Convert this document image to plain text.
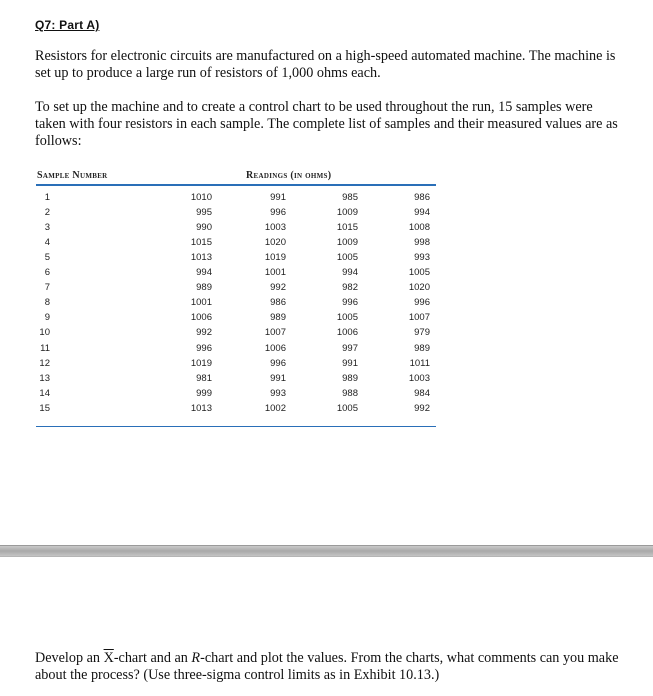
Q7: Part A)
Resistors for electronic circuits are manufactured on a high-speed automated machine. The machine is set up to produce a large run of resistors of 1,000 ohms each.
To set up the machine and to create a control chart to be used throughout the run, 15 samples were taken with four resistors in each sample. The complete list of samples and their measured values are as follows:
Sample Number	Readings (in ohms)
1	1010	991	985	986
2	995	996	1009	994
3	990	1003	1015	1008
4	1015	1020	1009	998
5	1013	1019	1005	993
6	994	1001	994	1005
7	989	992	982	1020
8	1001	986	996	996
9	1006	989	1005	1007
10	992	1007	1006	979
11	996	1006	997	989
12	1019	996	991	1011
13	981	991	989	1003
14	999	993	988	984
15	1013	1002	1005	992
Develop an $\overline{X}$-chart and an R-chart and plot the values. From the charts, what comments can you make about the process? (Use three-sigma control limits as in Exhibit 10.13.)
